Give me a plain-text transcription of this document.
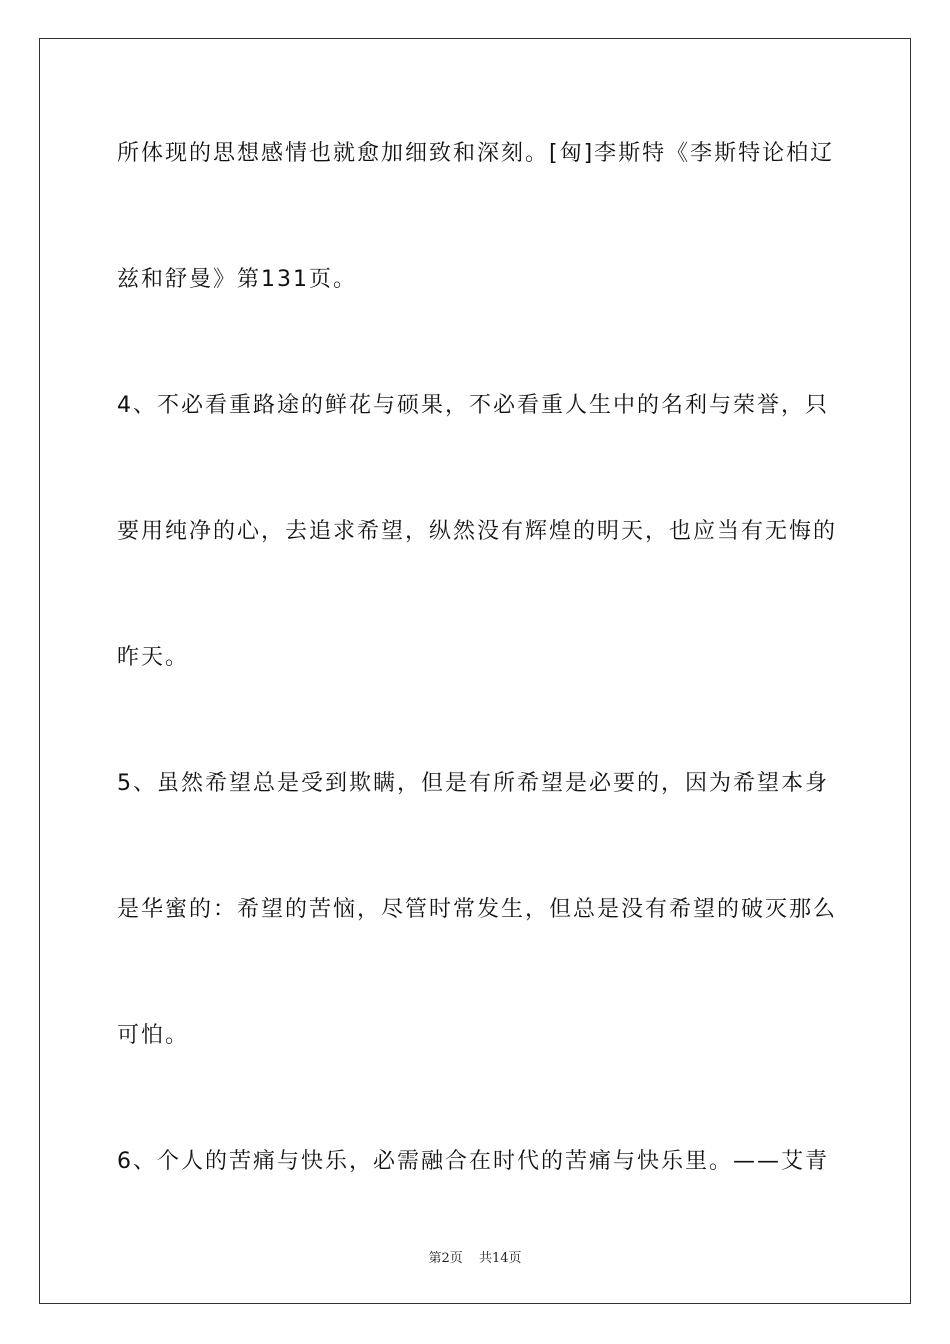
所体现的思想感情也就愈加细致和深刻。[匈]李斯特《李斯特论柏辽
兹和舒曼》第131页。
4、不必看重路途的鲜花与硕果，不必看重人生中的名利与荣誉，只
要用纯净的心，去追求希望，纵然没有辉煌的明天，也应当有无悔的
昨天。
5、虽然希望总是受到欺瞒，但是有所希望是必要的，因为希望本身
是华蜜的：希望的苦恼，尽管时常发生，但总是没有希望的破灭那么
可怕。
6、个人的苦痛与快乐，必需融合在时代的苦痛与快乐里。——艾青
第2页 共14页
